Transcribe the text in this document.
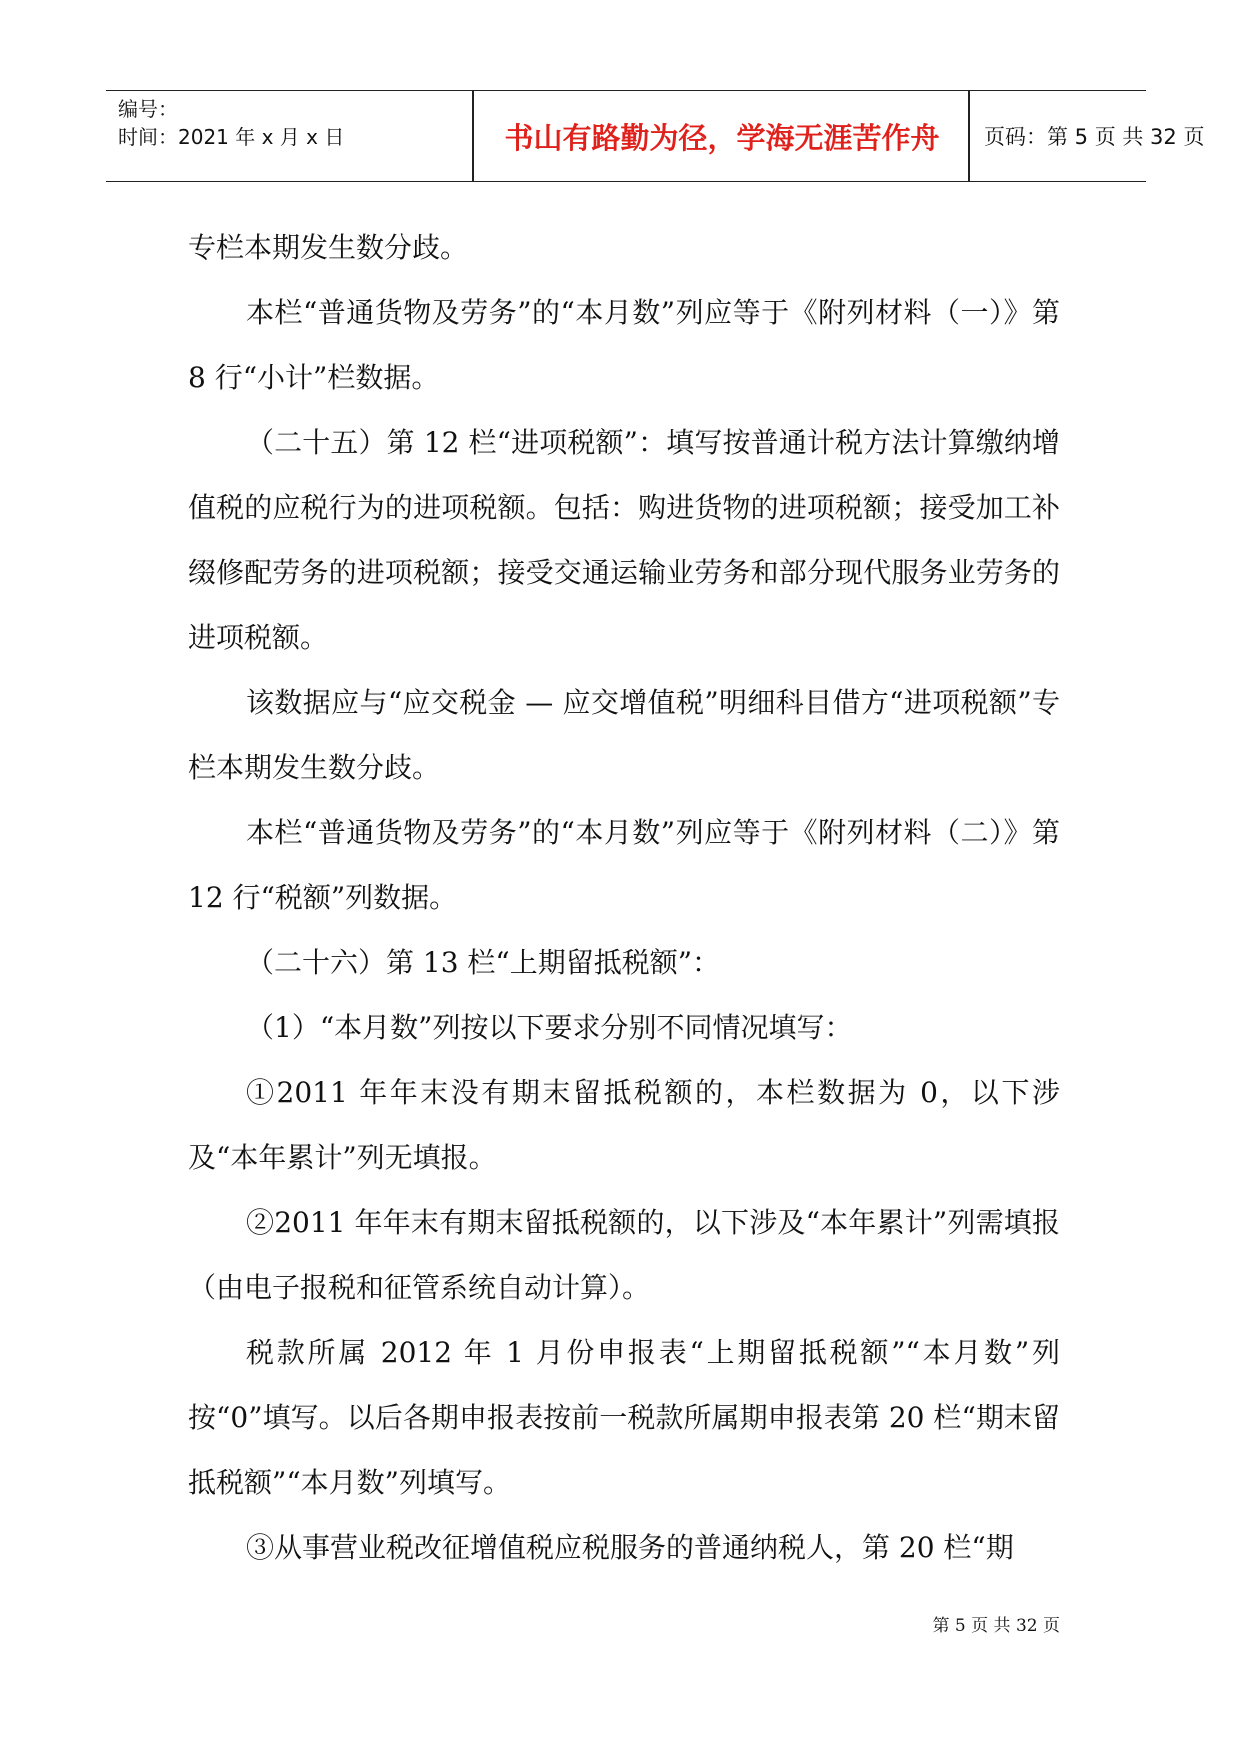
编号：
时间：2021 年 x 月 x 日	书山有路勤为径，学海无涯苦作舟	页码：第 5 页 共 32 页

专栏本期发生数分歧。

本栏“普通货物及劳务”的“本月数”列应等于《附列材料（一）》第 8 行“小计”栏数据。

（二十五）第 12 栏“进项税额”：填写按普通计税方法计算缴纳增值税的应税行为的进项税额。包括：购进货物的进项税额；接受加工补缀修配劳务的进项税额；接受交通运输业劳务和部分现代服务业劳务的进项税额。

该数据应与“应交税金 — 应交增值税”明细科目借方“进项税额”专栏本期发生数分歧。

本栏“普通货物及劳务”的“本月数”列应等于《附列材料（二）》第 12 行“税额”列数据。

（二十六）第 13 栏“上期留抵税额”：

（1）“本月数”列按以下要求分别不同情况填写：

①2011 年年末没有期末留抵税额的，本栏数据为 0，以下涉及“本年累计”列无填报。

②2011 年年末有期末留抵税额的，以下涉及“本年累计”列需填报（由电子报税和征管系统自动计算）。

税款所属 2012 年 1 月份申报表“上期留抵税额”“本月数”列按“0”填写。以后各期申报表按前一税款所属期申报表第 20 栏“期末留抵税额”“本月数”列填写。

③从事营业税改征增值税应税服务的普通纳税人，第 20 栏“期

第 5 页 共 32 页
